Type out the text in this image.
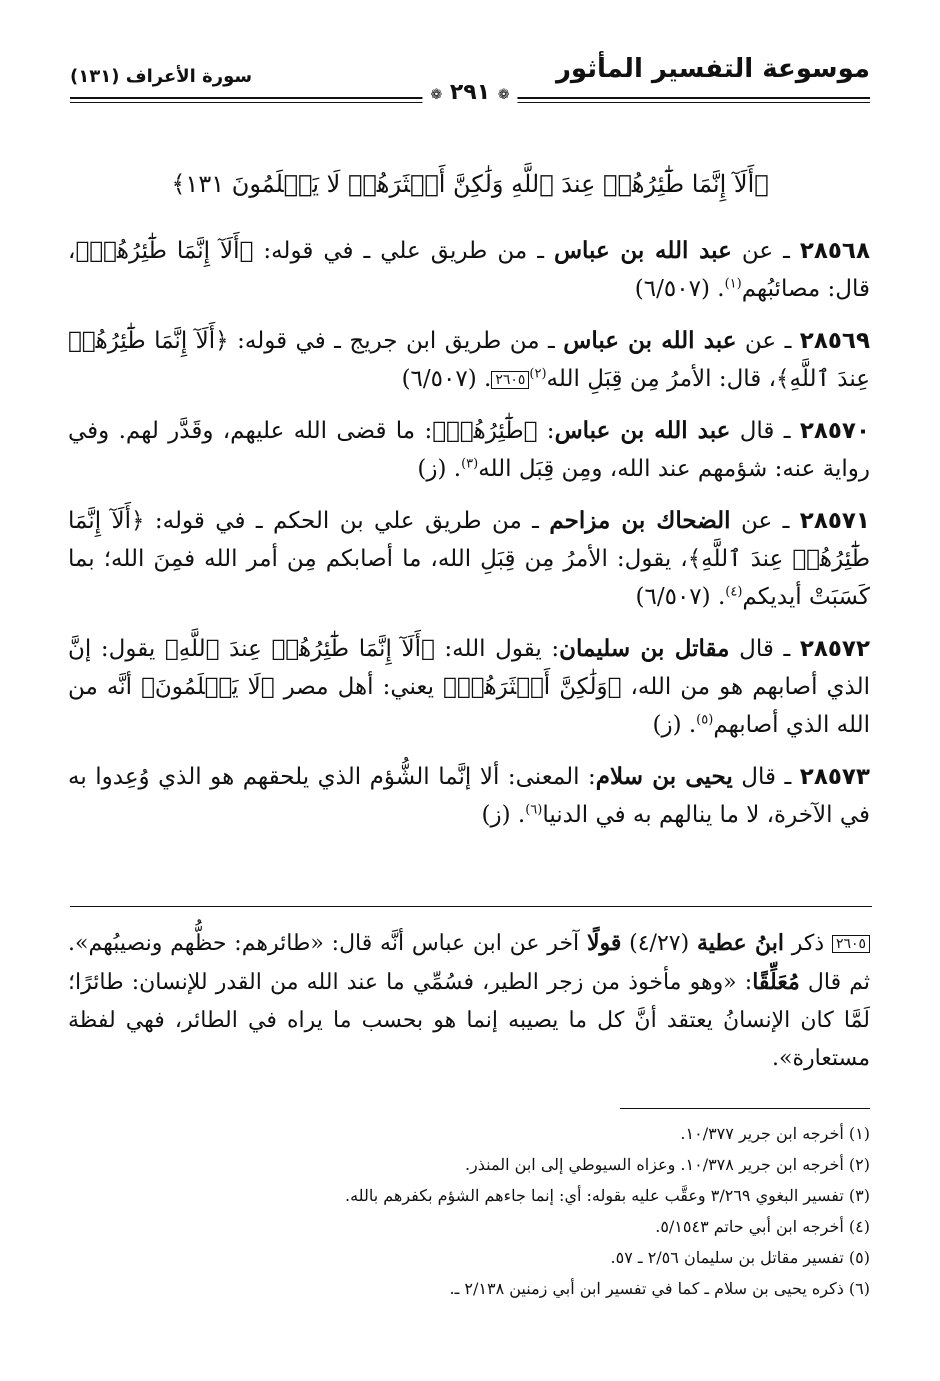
موسوعة التفسير المأثور
سورة الأعراف (١٣١)
❁ ٢٩١ ❁
﴿أَلَآ إِنَّمَا طَٰٓئِرُهُمۡ عِندَ ٱللَّهِ وَلَٰكِنَّ أَكۡثَرَهُمۡ لَا يَعۡلَمُونَ ١٣١﴾

٢٨٥٦٨ ـ عن عبد الله بن عباس ـ من طريق علي ـ في قوله: ﴿أَلَآ إِنَّمَا طَٰٓئِرُهُمۡ﴾، قال: مصائبُهم$^{(١)}$. (٦/٥٠٧)

٢٨٥٦٩ ـ عن عبد الله بن عباس ـ من طريق ابن جريج ـ في قوله: ﴿أَلَآ إِنَّمَا طَٰٓئِرُهُمۡ عِندَ ٱللَّهِ﴾، قال: الأمرُ مِن قِبَلِ الله$^{(٢)}$٢٦٠٥. (٦/٥٠٧)

٢٨٥٧٠ ـ قال عبد الله بن عباس: ﴿طَٰٓئِرُهُمۡ﴾: ما قضى الله عليهم، وقَدَّر لهم. وفي رواية عنه: شؤمهم عند الله، ومِن قِبَل الله$^{(٣)}$. (ز)

٢٨٥٧١ ـ عن الضحاك بن مزاحم ـ من طريق علي بن الحكم ـ في قوله: ﴿أَلَآ إِنَّمَا طَٰٓئِرُهُمۡ عِندَ ٱللَّهِ﴾، يقول: الأمرُ مِن قِبَلِ الله، ما أصابكم مِن أمر الله فمِنَ الله؛ بما كَسَبَتْ أيديكم$^{(٤)}$. (٦/٥٠٧)

٢٨٥٧٢ ـ قال مقاتل بن سليمان: يقول الله: ﴿أَلَآ إِنَّمَا طَٰٓئِرُهُمۡ عِندَ ٱللَّهِ﴾ يقول: إنَّ الذي أصابهم هو من الله، ﴿وَلَٰكِنَّ أَكۡثَرَهُمۡ﴾ يعني: أهل مصر ﴿لَا يَعۡلَمُونَ﴾ أنَّه من الله الذي أصابهم$^{(٥)}$. (ز)

٢٨٥٧٣ ـ قال يحيى بن سلام: المعنى: ألا إنَّما الشُّؤم الذي يلحقهم هو الذي وُعِدوا به في الآخرة، لا ما ينالهم به في الدنيا$^{(٦)}$. (ز)

٢٦٠٥ ذكر ابنُ عطية (٤/٢٧) قولًا آخر عن ابن عباس أنَّه قال: «طائرهم: حظُّهم ونصيبُهم». ثم قال مُعَلِّقًا: «وهو مأخوذ من زجر الطير، فسُمِّي ما عند الله من القدر للإنسان: طائرًا؛ لَمَّا كان الإنسانُ يعتقد أنَّ كل ما يصيبه إنما هو بحسب ما يراه في الطائر، فهي لفظة مستعارة».
(١) أخرجه ابن جرير ١٠/٣٧٧.
(٢) أخرجه ابن جرير ١٠/٣٧٨. وعزاه السيوطي إلى ابن المنذر.
(٣) تفسير البغوي ٣/٢٦٩ وعقَّب عليه بقوله: أي: إنما جاءهم الشؤم بكفرهم بالله.
(٤) أخرجه ابن أبي حاتم ٥/١٥٤٣.
(٥) تفسير مقاتل بن سليمان ٢/٥٦ ـ ٥٧.
(٦) ذكره يحيى بن سلام ـ كما في تفسير ابن أبي زمنين ٢/١٣٨ ـ.
